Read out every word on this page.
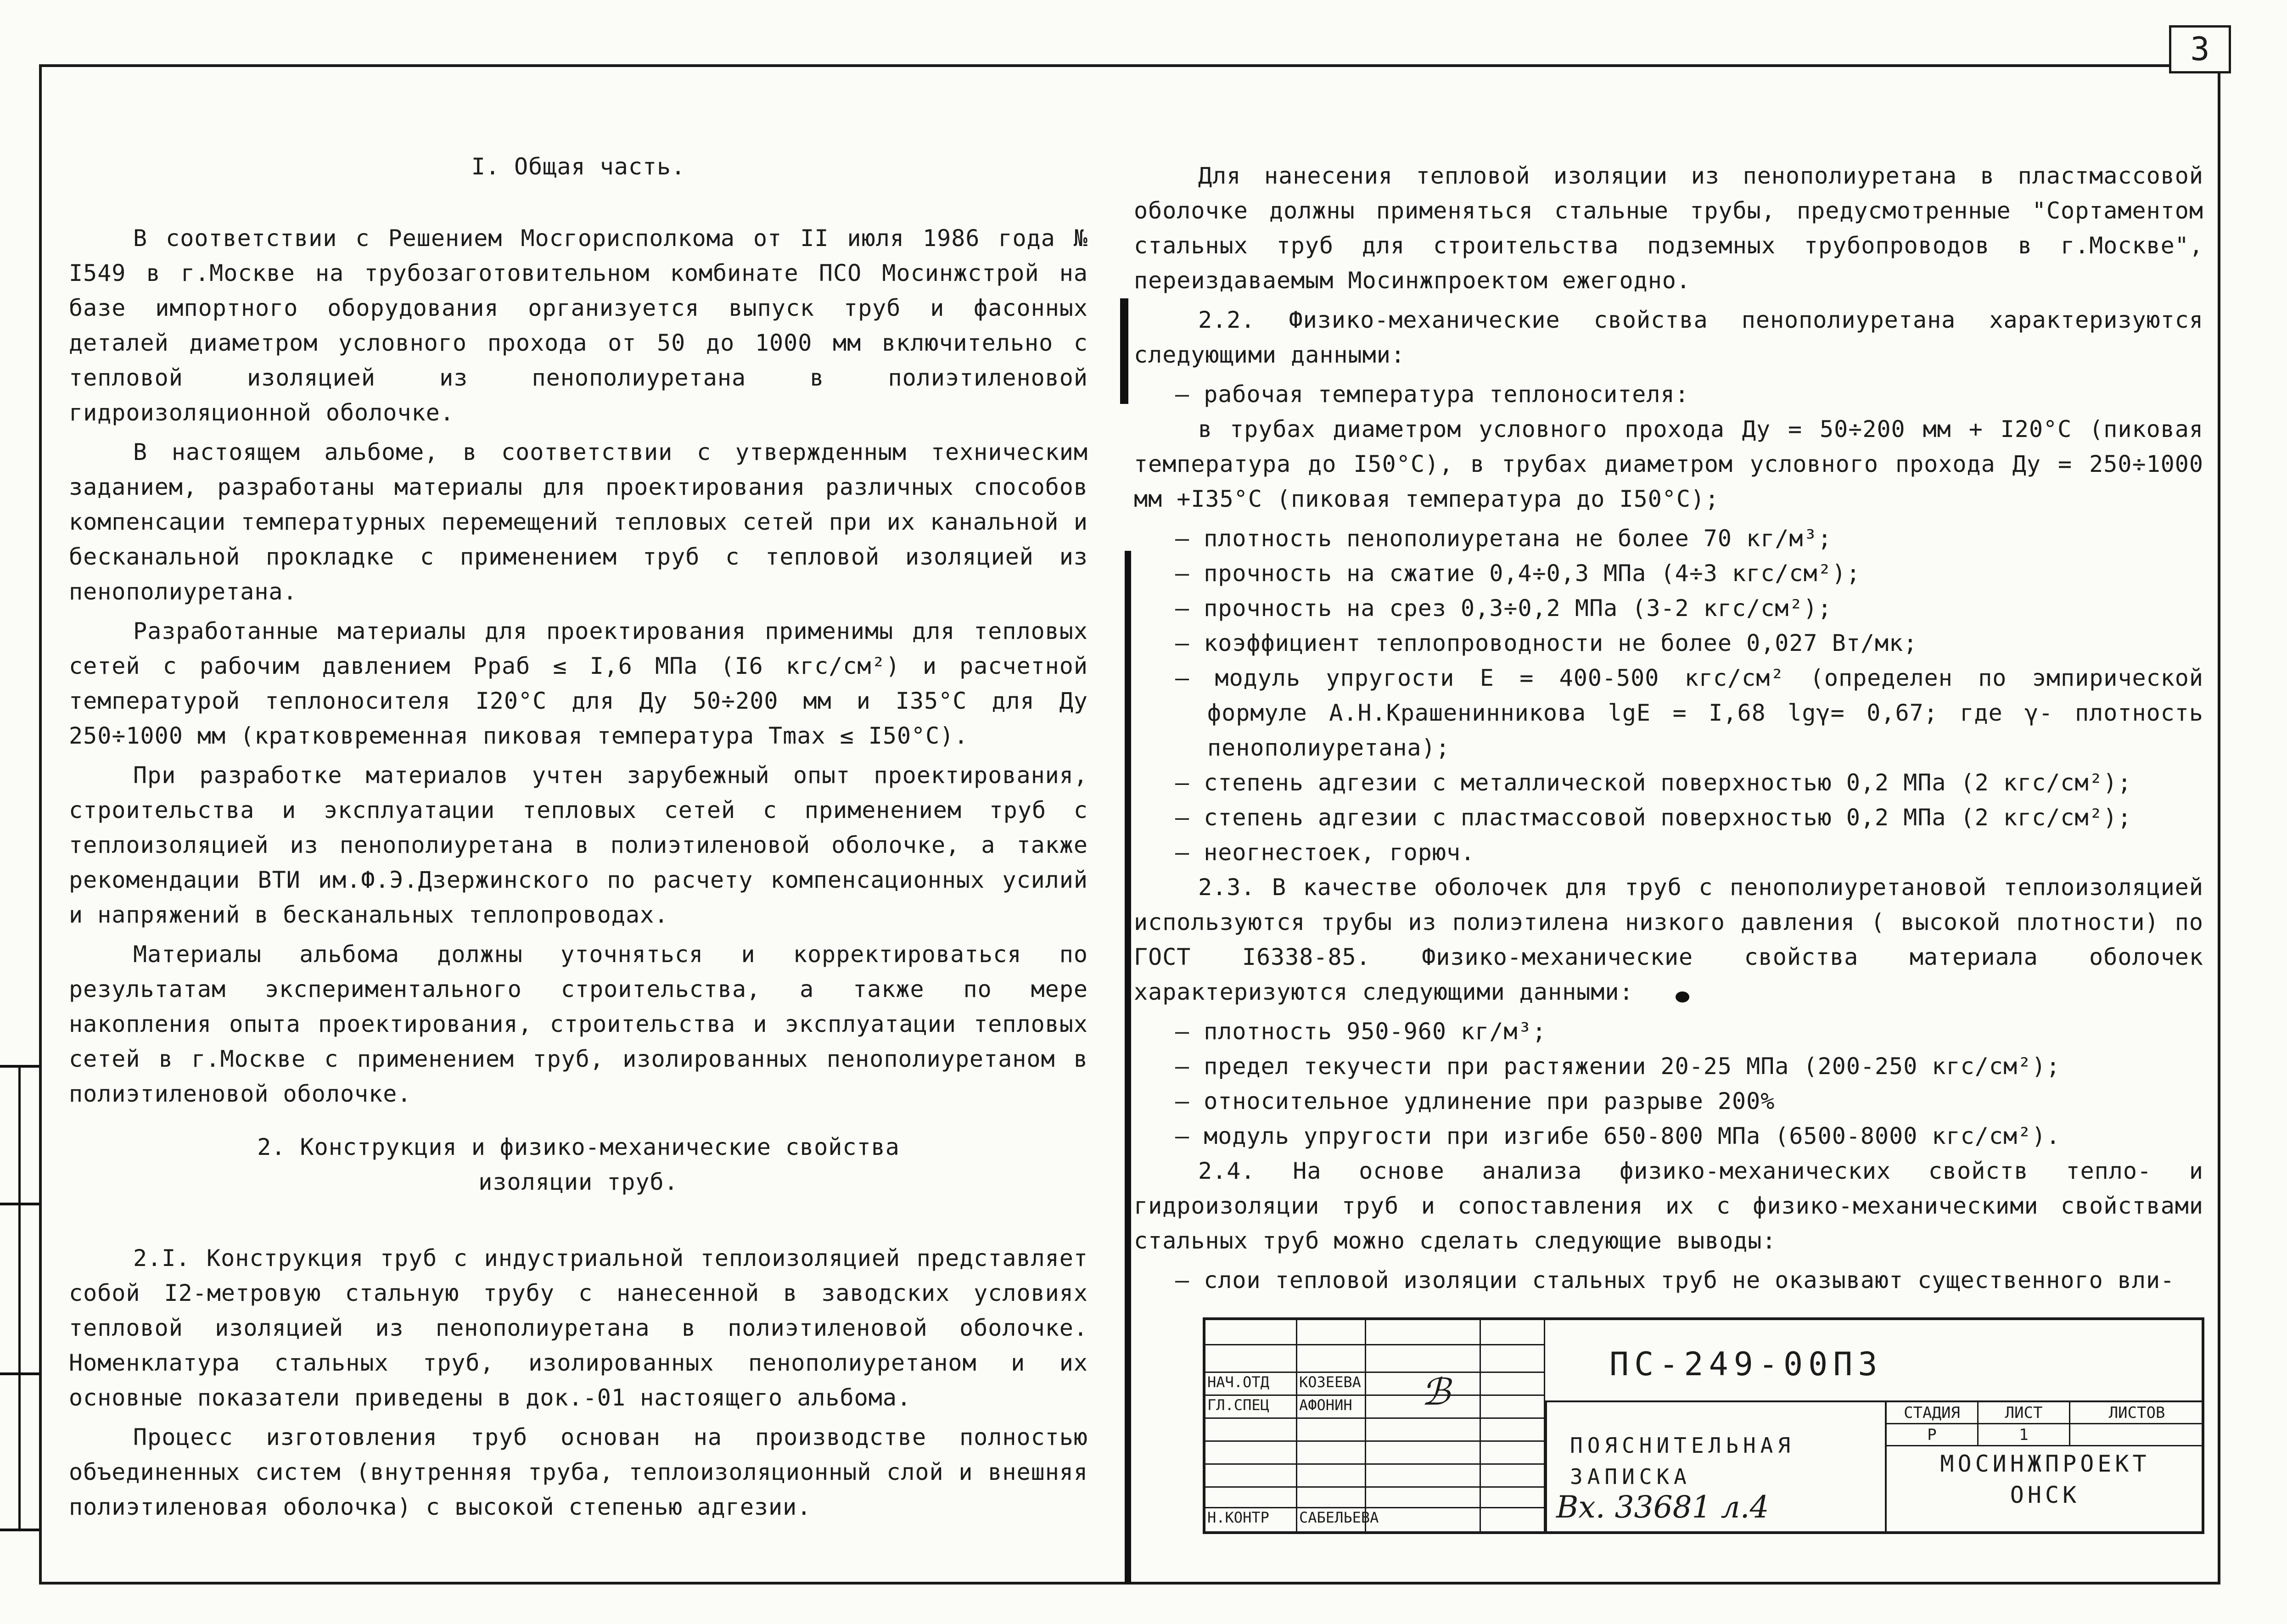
3
I. Общая часть.

В соответствии с Решением Мосгорисполкома от II июля 1986 года № I549 в г.Москве на трубозаготовительном комбинате ПСО Мосинжстрой на базе импортного оборудования организуется выпуск труб и фасонных деталей диаметром условного прохода от 50 до 1000 мм включительно с тепловой изоляцией из пенополиуретана в полиэтиленовой гидроизоляционной оболочке.

В настоящем альбоме, в соответствии с утвержденным техническим заданием, разработаны материалы для проектирования различных способов компенсации температурных перемещений тепловых сетей при их канальной и бесканальной прокладке с применением труб с тепловой изоляцией из пенополиуретана.

Разработанные материалы для проектирования применимы для тепловых сетей с рабочим давлением Pраб ≤ I,6 МПа (I6 кгс/см²) и расчетной температурой теплоносителя I20°С для Ду 50÷200 мм и I35°С для Ду 250÷1000 мм (кратковременная пиковая температура Tmax ≤ I50°С).

При разработке материалов учтен зарубежный опыт проектирования, строительства и эксплуатации тепловых сетей с применением труб с теплоизоляцией из пенополиуретана в полиэтиленовой оболочке, а также рекомендации ВТИ им.Ф.Э.Дзержинского по расчету компенсационных усилий и напряжений в бесканальных теплопроводах.

Материалы альбома должны уточняться и корректироваться по результатам экспериментального строительства, а также по мере накопления опыта проектирования, строительства и эксплуатации тепловых сетей в г.Москве с применением труб, изолированных пенополиуретаном в полиэтиленовой оболочке.

2. Конструкция и физико-механические свойства
изоляции труб.

2.I. Конструкция труб с индустриальной теплоизоляцией представляет собой I2-метровую стальную трубу с нанесенной в заводских условиях тепловой изоляцией из пенополиуретана в полиэтиленовой оболочке. Номенклатура стальных труб, изолированных пенополиуретаном и их основные показатели приведены в док.-01 настоящего альбома.

Процесс изготовления труб основан на производстве полностью объединенных систем (внутренняя труба, теплоизоляционный слой и внешняя полиэтиленовая оболочка) с высокой степенью адгезии.

Для нанесения тепловой изоляции из пенополиуретана в пластмассовой оболочке должны применяться стальные трубы, предусмотренные "Сортаментом стальных труб для строительства подземных трубопроводов в г.Москве", переиздаваемым Мосинжпроектом ежегодно.

2.2. Физико-механические свойства пенополиуретана характеризуются следующими данными:

– рабочая температура теплоносителя:

в трубах диаметром условного прохода Ду = 50÷200 мм + I20°С (пиковая температура до I50°С), в трубах диаметром условного прохода Ду = 250÷1000 мм +I35°С (пиковая температура до I50°С);

– плотность пенополиуретана не более 70 кг/м³;

– прочность на сжатие 0,4÷0,3 МПа (4÷3 кгс/см²);

– прочность на срез 0,3÷0,2 МПа (3-2 кгс/см²);

– коэффициент теплопроводности не более 0,027 Вт/мк;

– модуль упругости E = 400-500 кгс/см² (определен по эмпирической формуле А.Н.Крашенинникова lgE = I,68 lgγ= 0,67; где γ- плотность пенополиуретана);

– степень адгезии с металлической поверхностью 0,2 МПа (2 кгс/см²);

– степень адгезии с пластмассовой поверхностью 0,2 МПа (2 кгс/см²);

– неогнестоек, горюч.

2.3. В качестве оболочек для труб с пенополиуретановой теплоизоляцией используются трубы из полиэтилена низкого давления ( высокой плотности) по ГОСТ I6338-85. Физико-механические свойства материала оболочек характеризуются следующими данными:

– плотность 950-960 кг/м³;

– предел текучести при растяжении 20-25 МПа (200-250 кгс/см²);

– относительное удлинение при разрыве 200%

– модуль упругости при изгибе 650-800 МПа (6500-8000 кгс/см²).

2.4. На основе анализа физико-механических свойств тепло- и гидроизоляции труб и сопоставления их с физико-механическими свойствами стальных труб можно сделать следующие выводы:

– слои тепловой изоляции стальных труб не оказывают существенного вли-

НАЧ.ОТД	КОЗЕЕВА
ГЛ.СПЕЦ	АФОНИН
Н.КОНТР	САБЕЛЬЕВА
ℬ
ПС-249-00ПЗ
ПОЯСНИТЕЛЬНАЯ
ЗАПИСКА
Вх. 33681 л.4
СТАДИЯ	ЛИСТ	ЛИСТОВ
Р	1
МОСИНЖПРОЕКТ
ОНСК
